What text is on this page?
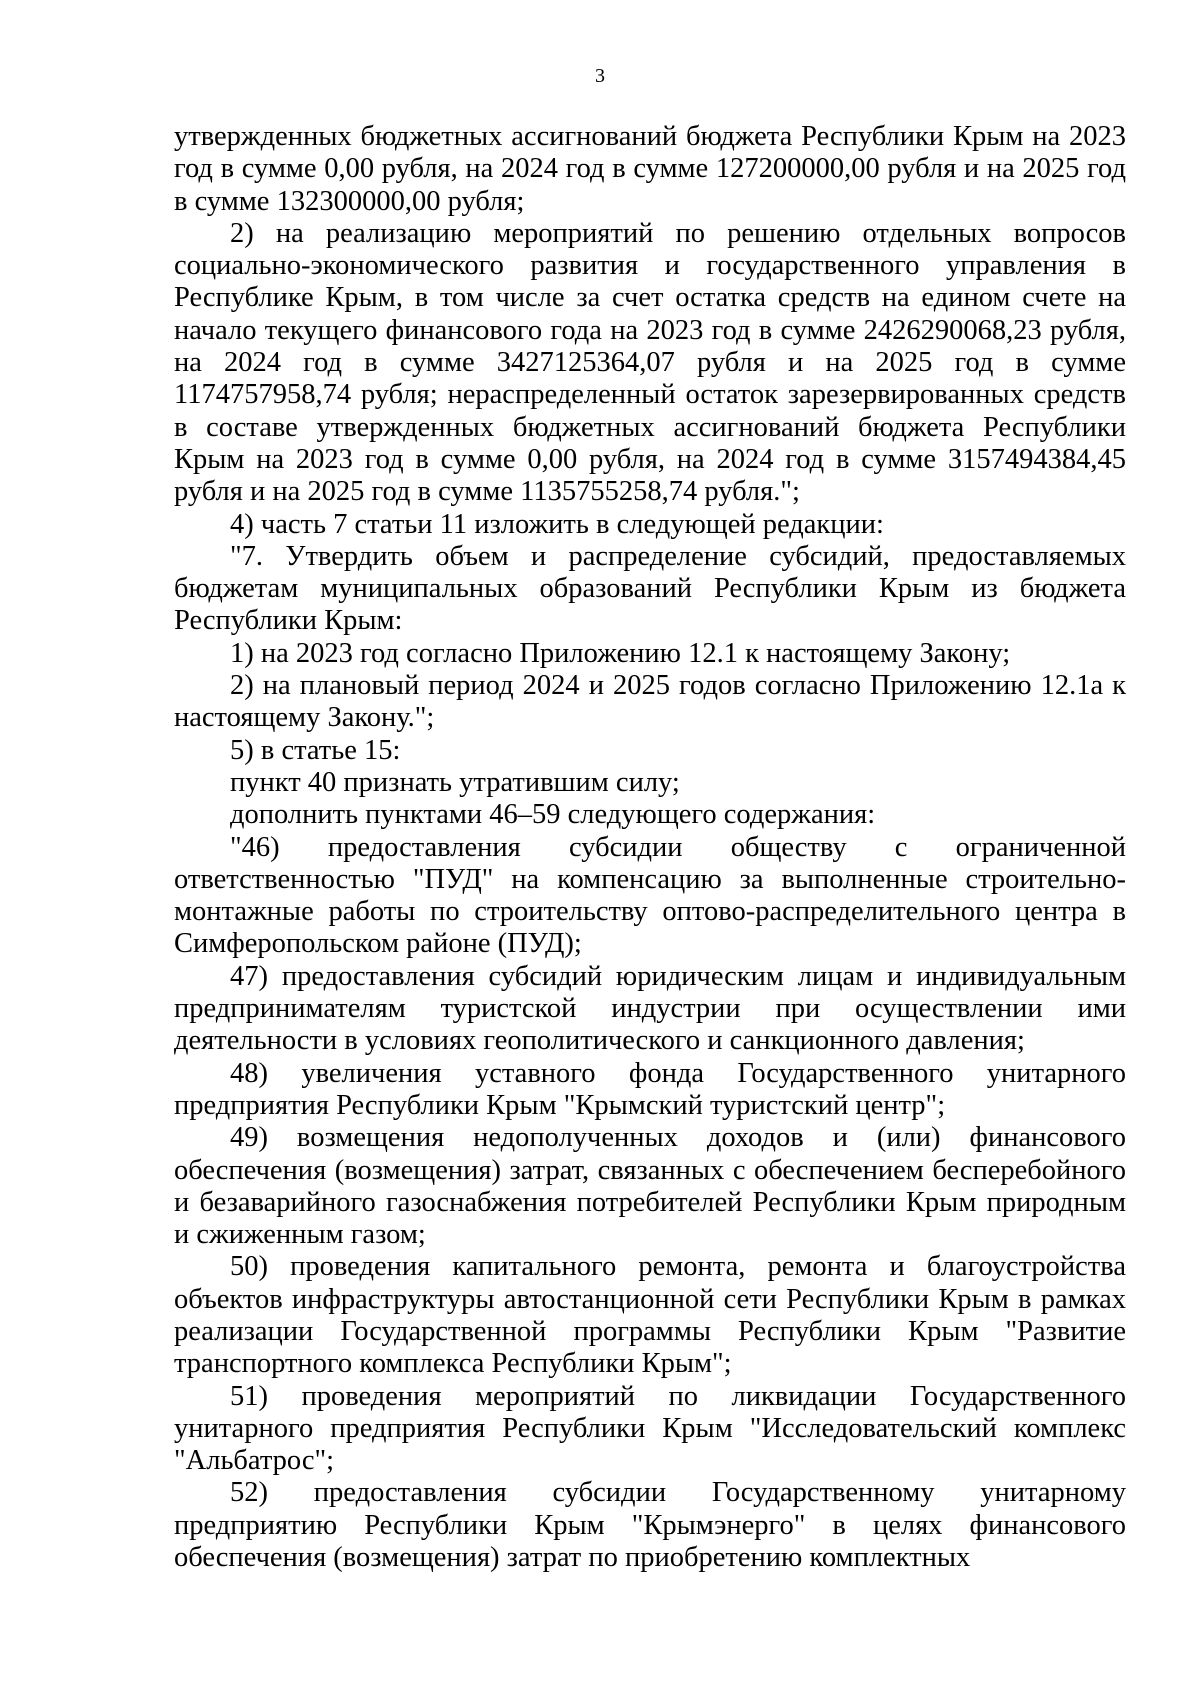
3

утвержденных бюджетных ассигнований бюджета Республики Крым на 2023 год в сумме 0,00 рубля, на 2024 год в сумме 127200000,00 рубля и на 2025 год в сумме 132300000,00 рубля;

2) на реализацию мероприятий по решению отдельных вопросов социально-экономического развития и государственного управления в Республике Крым, в том числе за счет остатка средств на едином счете на начало текущего финансового года на 2023 год в сумме 2426290068,23 рубля, на 2024 год в сумме 3427125364,07 рубля и на 2025 год в сумме 1174757958,74 рубля; нераспределенный остаток зарезервированных средств в составе утвержденных бюджетных ассигнований бюджета Республики Крым на 2023 год в сумме 0,00 рубля, на 2024 год в сумме 3157494384,45 рубля и на 2025 год в сумме 1135755258,74 рубля.";

4) часть 7 статьи 11 изложить в следующей редакции:

"7. Утвердить объем и распределение субсидий, предоставляемых бюджетам муниципальных образований Республики Крым из бюджета Республики Крым:

1) на 2023 год согласно Приложению 12.1 к настоящему Закону;

2) на плановый период 2024 и 2025 годов согласно Приложению 12.1а к настоящему Закону.";

5) в статье 15:

пункт 40 признать утратившим силу;

дополнить пунктами 46–59 следующего содержания:

"46) предоставления субсидии обществу с ограниченной ответственностью "ПУД" на компенсацию за выполненные строительно-монтажные работы по строительству оптово-распределительного центра в Симферопольском районе (ПУД);

47) предоставления субсидий юридическим лицам и индивидуальным предпринимателям туристской индустрии при осуществлении ими деятельности в условиях геополитического и санкционного давления;

48) увеличения уставного фонда Государственного унитарного предприятия Республики Крым "Крымский туристский центр";

49) возмещения недополученных доходов и (или) финансового обеспечения (возмещения) затрат, связанных с обеспечением бесперебойного и безаварийного газоснабжения потребителей Республики Крым природным и сжиженным газом;

50) проведения капитального ремонта, ремонта и благоустройства объектов инфраструктуры автостанционной сети Республики Крым в рамках реализации Государственной программы Республики Крым "Развитие транспортного комплекса Республики Крым";

51) проведения мероприятий по ликвидации Государственного унитарного предприятия Республики Крым "Исследовательский комплекс "Альбатрос";

52) предоставления субсидии Государственному унитарному предприятию Республики Крым "Крымэнерго" в целях финансового обеспечения (возмещения) затрат по приобретению комплектных
